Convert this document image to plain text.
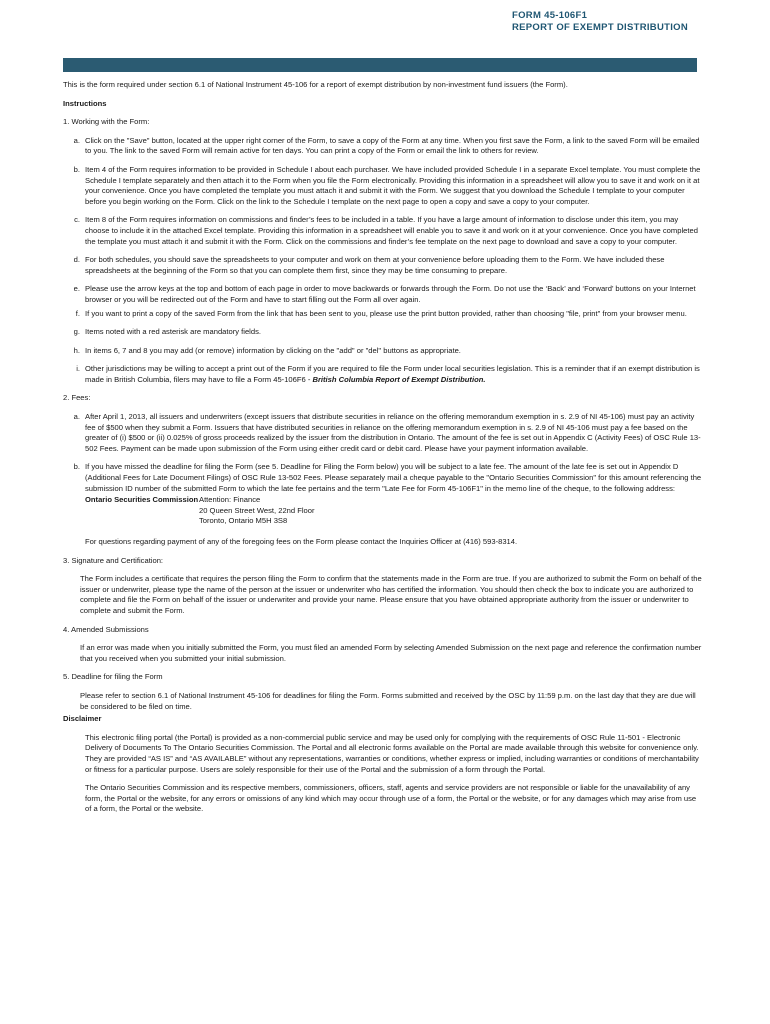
FORM 45-106F1
REPORT OF EXEMPT DISTRIBUTION

This is the form required under section 6.1 of National Instrument 45-106 for a report of exempt distribution by non-investment fund issuers (the Form).

Instructions

1. Working with the Form:

a. Click on the "Save" button, located at the upper right corner of the Form, to save a copy of the Form at any time. When you first save the Form, a link to the saved Form will be emailed to you. The link to the saved Form will remain active for ten days. You can print a copy of the Form or email the link to others for review.
b. Item 4 of the Form requires information to be provided in Schedule I about each purchaser. We have included provided Schedule I in a separate Excel template. You must complete the Schedule I template separately and then attach it to the Form when you file the Form electronically. Providing this information in a spreadsheet will allow you to save it and work on it at your convenience. Once you have completed the template you must attach it and submit it with the Form. We suggest that you download the Schedule I template to your computer before you begin working on the Form. Click on the link to the Schedule I template on the next page to open a copy and save a copy to your computer.
c. Item 8 of the Form requires information on commissions and finder’s fees to be included in a table. If you have a large amount of information to disclose under this item, you may choose to include it in the attached Excel template. Providing this information in a spreadsheet will enable you to save it and work on it at your convenience. Once you have completed the template you must attach it and submit it with the Form. Click on the commissions and finder’s fee template on the next page to download and save a copy to your computer.
d. For both schedules, you should save the spreadsheets to your computer and work on them at your convenience before uploading them to the Form. We have included these spreadsheets at the beginning of the Form so that you can complete them first, since they may be time consuming to prepare.
e. Please use the arrow keys at the top and bottom of each page in order to move backwards or forwards through the Form. Do not use the ‘Back’ and ‘Forward’ buttons on your Internet browser or you will be redirected out of the Form and have to start filling out the Form all over again.
f. If you want to print a copy of the saved Form from the link that has been sent to you, please use the print button provided, rather than choosing "file, print" from your browser menu.
g. Items noted with a red asterisk are mandatory fields.
h. In items 6, 7 and 8 you may add (or remove) information by clicking on the "add" or "del" buttons as appropriate.
i. Other jurisdictions may be willing to accept a print out of the Form if you are required to file the Form under local securities legislation. This is a reminder that if an exempt distribution is made in British Columbia, filers may have to file a Form 45-106F6 - British Columbia Report of Exempt Distribution.

2. Fees:

a. After April 1, 2013, all issuers and underwriters (except issuers that distribute securities in reliance on the offering memorandum exemption in s. 2.9 of NI 45-106) must pay an activity fee of $500 when they submit a Form. Issuers that have distributed securities in reliance on the offering memorandum exemption in s. 2.9 of NI 45-106 must pay a fee based on the greater of (i) $500 or (ii) 0.025% of gross proceeds realized by the issuer from the distribution in Ontario. The amount of the fee is set out in Appendix C (Activity Fees) of OSC Rule 13-502 Fees. Payment can be made upon submission of the Form using either credit card or debit card. Please have your payment information available.
b. If you have missed the deadline for filing the Form (see 5. Deadline for Filing the Form below) you will be subject to a late fee. The amount of the late fee is set out in Appendix D (Additional Fees for Late Document Filings) of OSC Rule 13-502 Fees. Please separately mail a cheque payable to the "Ontario Securities Commission" for this amount referencing the submission ID number of the submitted Form to which the late fee pertains and the term "Late Fee for Form 45-106F1" in the memo line of the cheque, to the following address:
Ontario Securities Commission Attention: Finance
20 Queen Street West, 22nd Floor
Toronto, Ontario M5H 3S8

For questions regarding payment of any of the foregoing fees on the Form please contact the Inquiries Officer at (416) 593-8314.

3. Signature and Certification:

The Form includes a certificate that requires the person filing the Form to confirm that the statements made in the Form are true. If you are authorized to submit the Form on behalf of the issuer or underwriter, please type the name of the person at the issuer or underwriter who has certified the information. You should then check the box to indicate you are authorized to complete and file the Form on behalf of the issuer or underwriter and provide your name. Please ensure that you have obtained appropriate authority from the issuer or underwriter to complete and submit the Form.

4. Amended Submissions

If an error was made when you initially submitted the Form, you must filed an amended Form by selecting Amended Submission on the next page and reference the confirmation number that you received when you submitted your initial submission.

5. Deadline for filing the Form

Please refer to section 6.1 of National Instrument 45-106 for deadlines for filing the Form. Forms submitted and received by the OSC by 11:59 p.m. on the last day that they are due will be considered to be filed on time.

Disclaimer

This electronic filing portal (the Portal) is provided as a non-commercial public service and may be used only for complying with the requirements of OSC Rule 11-501 - Electronic Delivery of Documents To The Ontario Securities Commission. The Portal and all electronic forms available on the Portal are made available through this website for convenience only. They are provided “AS IS” and “AS AVAILABLE” without any representations, warranties or conditions, whether express or implied, including warranties or conditions of merchantability or fitness for a particular purpose. Users are solely responsible for their use of the Portal and the submission of a form through the Portal.

The Ontario Securities Commission and its respective members, commissioners, officers, staff, agents and service providers are not responsible or liable for the unavailability of any form, the Portal or the website, for any errors or omissions of any kind which may occur through use of a form, the Portal or the website, or for any damages which may arise from use of a form, the Portal or the website.
